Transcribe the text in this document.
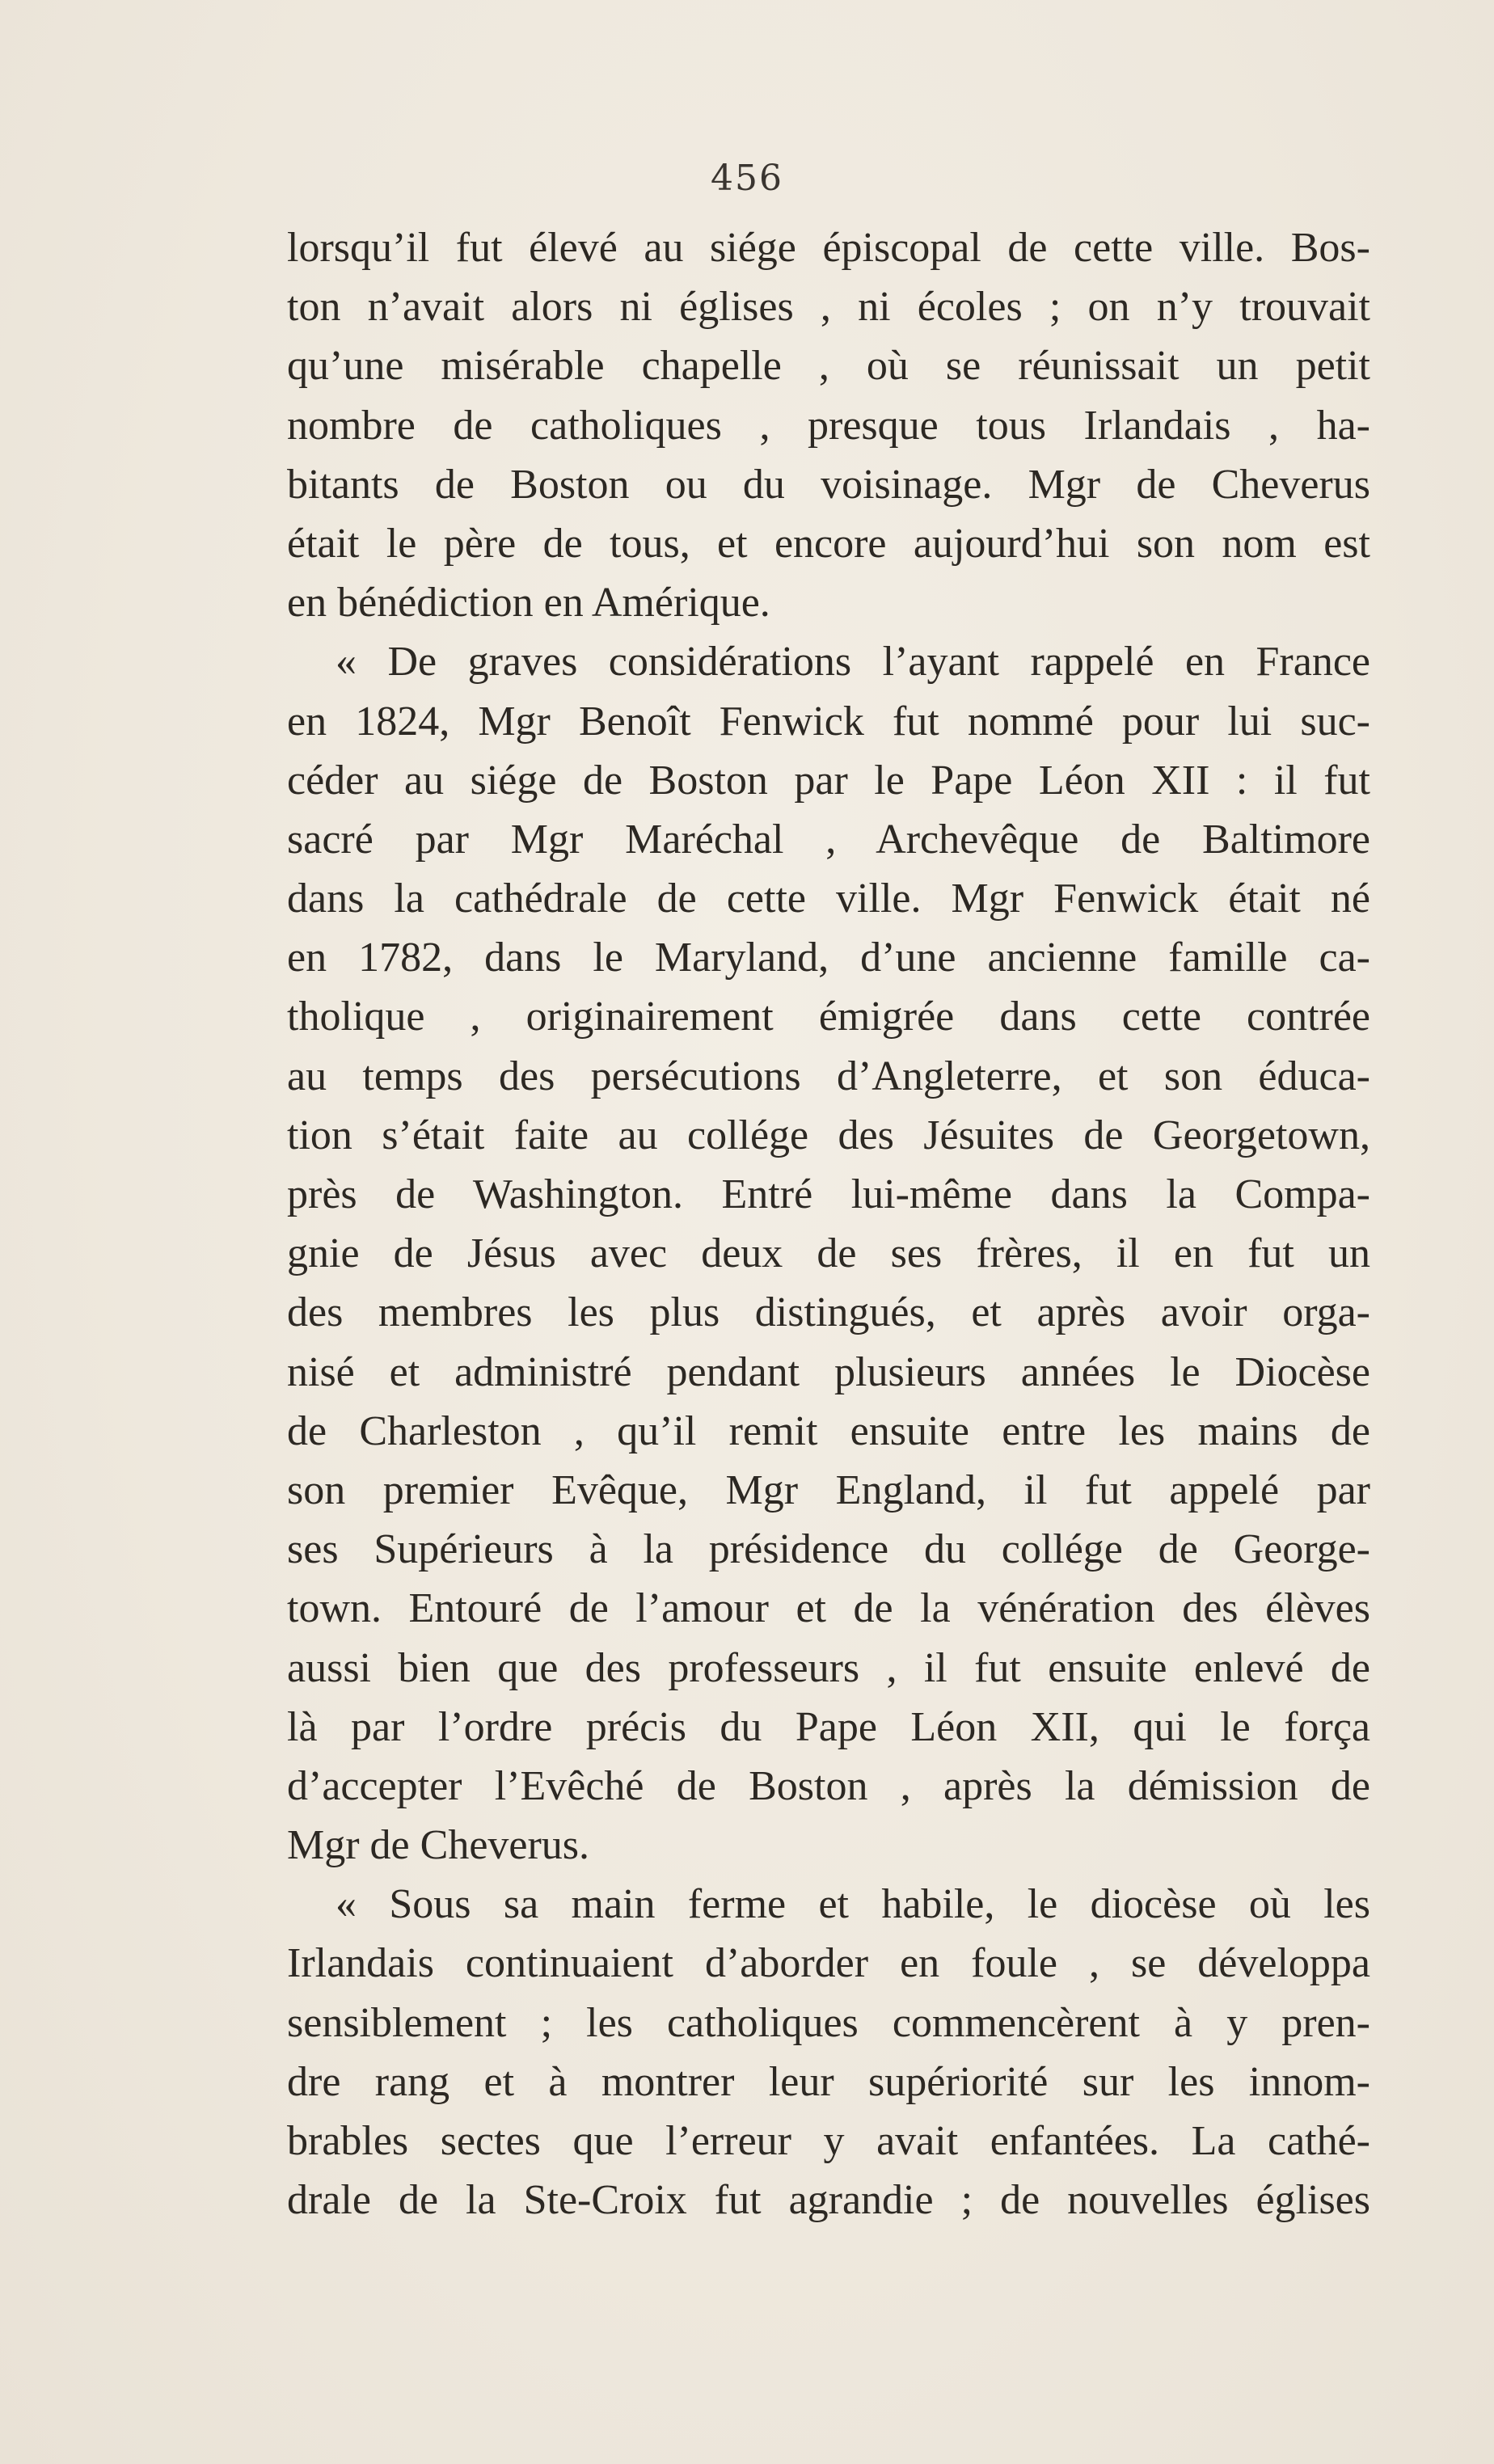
456
lorsqu’il fut élevé au siége épiscopal de cette ville. Bos-
ton n’avait alors ni églises , ni écoles ; on n’y trouvait
qu’une misérable chapelle , où se réunissait un petit
nombre de catholiques , presque tous Irlandais , ha-
bitants de Boston ou du voisinage. Mgr de Cheverus
était le père de tous, et encore aujourd’hui son nom est
en bénédiction en Amérique.
« De graves considérations l’ayant rappelé en France
en 1824, Mgr Benoît Fenwick fut nommé pour lui suc-
céder au siége de Boston par le Pape Léon XII : il fut
sacré par Mgr Maréchal , Archevêque de Baltimore
dans la cathédrale de cette ville. Mgr Fenwick était né
en 1782, dans le Maryland, d’une ancienne famille ca-
tholique , originairement émigrée dans cette contrée
au temps des persécutions d’Angleterre, et son éduca-
tion s’était faite au collége des Jésuites de Georgetown,
près de Washington. Entré lui-même dans la Compa-
gnie de Jésus avec deux de ses frères, il en fut un
des membres les plus distingués, et après avoir orga-
nisé et administré pendant plusieurs années le Diocèse
de Charleston , qu’il remit ensuite entre les mains de
son premier Evêque, Mgr England, il fut appelé par
ses Supérieurs à la présidence du collége de George-
town. Entouré de l’amour et de la vénération des élèves
aussi bien que des professeurs , il fut ensuite enlevé de
là par l’ordre précis du Pape Léon XII, qui le força
d’accepter l’Evêché de Boston , après la démission de
Mgr de Cheverus.
« Sous sa main ferme et habile, le diocèse où les
Irlandais continuaient d’aborder en foule , se développa
sensiblement ; les catholiques commencèrent à y pren-
dre rang et à montrer leur supériorité sur les innom-
brables sectes que l’erreur y avait enfantées. La cathé-
drale de la Ste-Croix fut agrandie ; de nouvelles églises
